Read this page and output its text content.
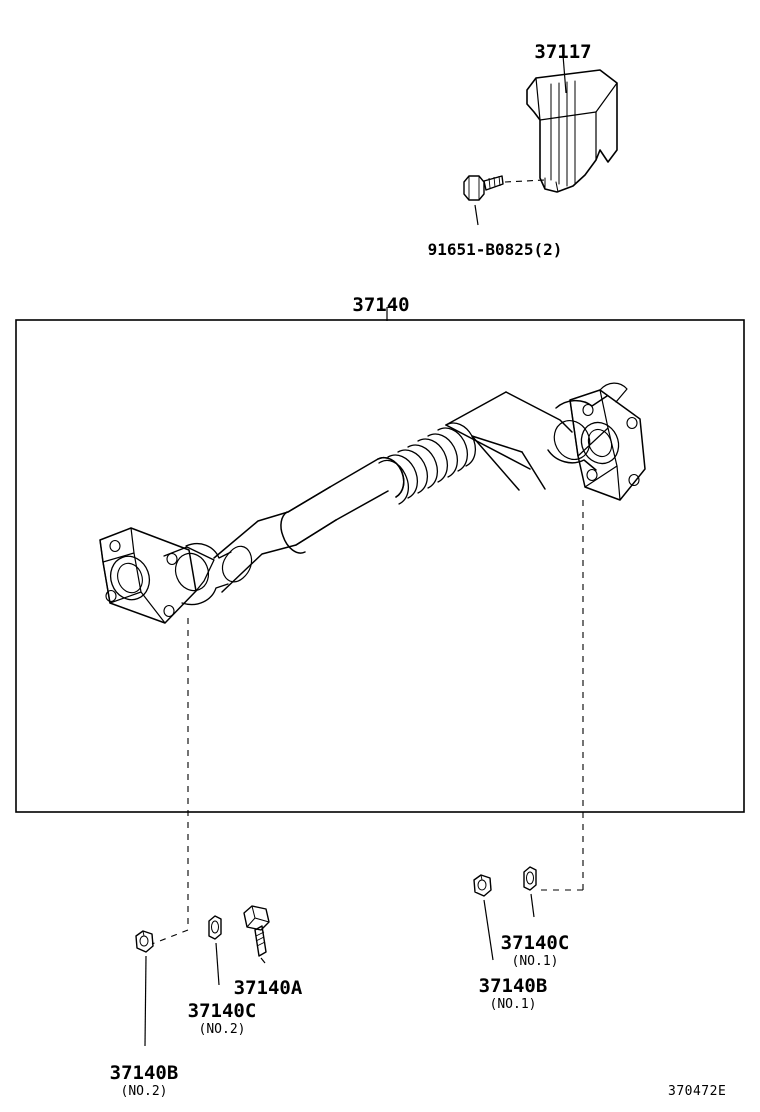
37117
91651-B0825(2)
37140
37140A
37140C
(NO.2)
37140B
(NO.2)
37140C
(NO.1)
37140B
(NO.1)
370472E
